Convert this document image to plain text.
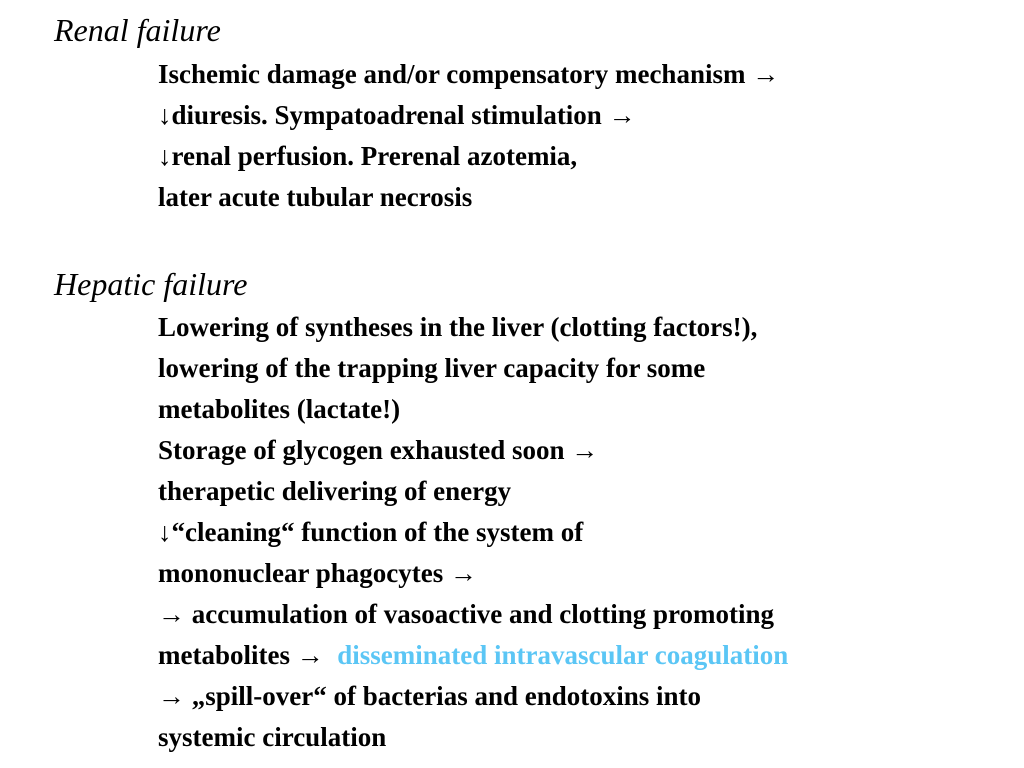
Renal failure
Ischemic damage and/or compensatory mechanism →
↓diuresis. Sympatoadrenal stimulation →
↓renal perfusion. Prerenal azotemia,
later acute tubular necrosis
Hepatic failure
Lowering of syntheses in the liver (clotting factors!),
lowering of the trapping liver capacity for some
metabolites (lactate!)
Storage of glycogen exhausted soon →
therapetic delivering of energy
↓“cleaning“ function of the system of
mononuclear phagocytes →
→ accumulation of vasoactive and clotting promoting
metabolites →  disseminated intravascular coagulation
→ „spill-over“ of bacterias and endotoxins into
systemic circulation
